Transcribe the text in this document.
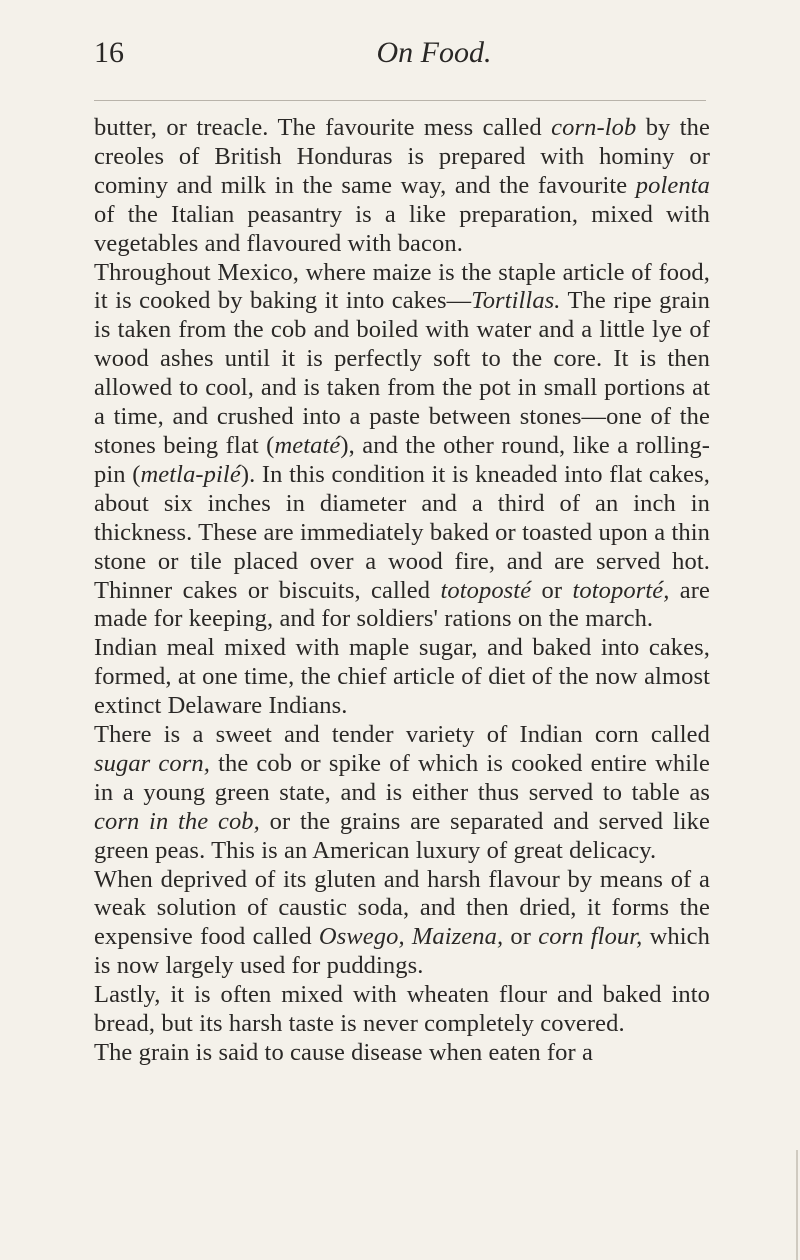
16	On Food.

butter, or treacle. The favourite mess called corn-lob by the creoles of British Honduras is prepared with hominy or cominy and milk in the same way, and the favourite polenta of the Italian peasantry is a like preparation, mixed with vegetables and flavoured with bacon.

Throughout Mexico, where maize is the staple article of food, it is cooked by baking it into cakes—Tortillas. The ripe grain is taken from the cob and boiled with water and a little lye of wood ashes until it is perfectly soft to the core. It is then allowed to cool, and is taken from the pot in small portions at a time, and crushed into a paste between stones—one of the stones being flat (metaté), and the other round, like a rolling-pin (metla-pilé). In this condition it is kneaded into flat cakes, about six inches in diameter and a third of an inch in thickness. These are immediately baked or toasted upon a thin stone or tile placed over a wood fire, and are served hot. Thinner cakes or biscuits, called totoposté or totoporté, are made for keeping, and for soldiers' rations on the march.

Indian meal mixed with maple sugar, and baked into cakes, formed, at one time, the chief article of diet of the now almost extinct Delaware Indians.

There is a sweet and tender variety of Indian corn called sugar corn, the cob or spike of which is cooked entire while in a young green state, and is either thus served to table as corn in the cob, or the grains are separated and served like green peas. This is an American luxury of great delicacy.

When deprived of its gluten and harsh flavour by means of a weak solution of caustic soda, and then dried, it forms the expensive food called Oswego, Maizena, or corn flour, which is now largely used for puddings.

Lastly, it is often mixed with wheaten flour and baked into bread, but its harsh taste is never completely covered.

The grain is said to cause disease when eaten for a
